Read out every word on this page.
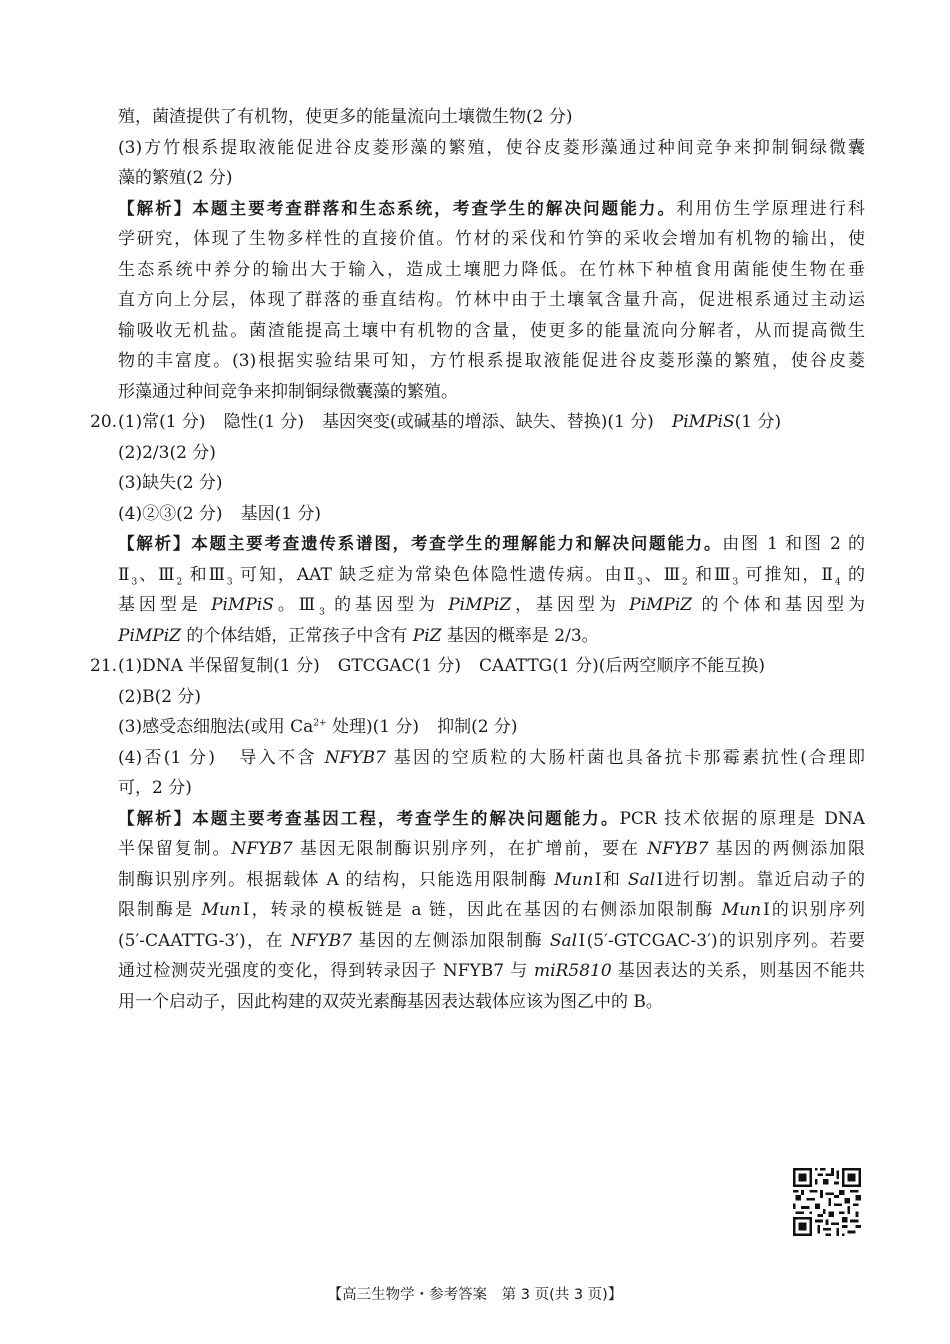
殖，菌渣提供了有机物，使更多的能量流向土壤微生物(2 分)
(3)方竹根系提取液能促进谷皮菱形藻的繁殖，使谷皮菱形藻通过种间竞争来抑制铜绿微囊
藻的繁殖(2 分)
【解析】本题主要考查群落和生态系统，考查学生的解决问题能力。利用仿生学原理进行科
学研究，体现了生物多样性的直接价值。竹材的采伐和竹笋的采收会增加有机物的输出，使
生态系统中养分的输出大于输入，造成土壤肥力降低。在竹林下种植食用菌能使生物在垂
直方向上分层，体现了群落的垂直结构。竹林中由于土壤氧含量升高，促进根系通过主动运
输吸收无机盐。菌渣能提高土壤中有机物的含量，使更多的能量流向分解者，从而提高微生
物的丰富度。(3)根据实验结果可知，方竹根系提取液能促进谷皮菱形藻的繁殖，使谷皮菱
形藻通过种间竞争来抑制铜绿微囊藻的繁殖。
20.(1)常(1 分) 隐性(1 分) 基因突变(或碱基的增添、缺失、替换)(1 分) PiMPiS(1 分)
(2)2/3(2 分)
(3)缺失(2 分)
(4)②③(2 分) 基因(1 分)
【解析】本题主要考查遗传系谱图，考查学生的理解能力和解决问题能力。由图 1 和图 2 的
$Ⅱ_3$、$Ⅲ_2$ 和$Ⅲ_3$ 可知，AAT 缺乏症为常染色体隐性遗传病。由$Ⅱ_3$、$Ⅲ_2$ 和$Ⅲ_3$ 可推知，$Ⅱ_4$ 的
基因型是 PiMPiS。$Ⅲ_3$ 的基因型为 PiMPiZ，基因型为 PiMPiZ 的个体和基因型为
PiMPiZ 的个体结婚，正常孩子中含有 PiZ 基因的概率是 2/3。
21.(1)DNA 半保留复制(1 分) GTCGAC(1 分) CAATTG(1 分)(后两空顺序不能互换)
(2)B(2 分)
(3)感受态细胞法(或用 $Ca^{2+}$ 处理)(1 分) 抑制(2 分)
(4)否(1 分) 导入不含 NFYB7 基因的空质粒的大肠杆菌也具备抗卡那霉素抗性(合理即
可，2 分)
【解析】本题主要考查基因工程，考查学生的解决问题能力。PCR 技术依据的原理是 DNA
半保留复制。NFYB7 基因无限制酶识别序列，在扩增前，要在 NFYB7 基因的两侧添加限
制酶识别序列。根据载体 A 的结构，只能选用限制酶 MunⅠ和 SalⅠ进行切割。靠近启动子的
限制酶是 MunⅠ，转录的模板链是 a 链，因此在基因的右侧添加限制酶 MunⅠ的识别序列
(5′-CAATTG-3′)，在 NFYB7 基因的左侧添加限制酶 SalⅠ(5′-GTCGAC-3′)的识别序列。若要
通过检测荧光强度的变化，得到转录因子 NFYB7 与 miR5810 基因表达的关系，则基因不能共
用一个启动子，因此构建的双荧光素酶基因表达载体应该为图乙中的 B。
【高三生物学・参考答案　第 3 页(共 3 页)】
